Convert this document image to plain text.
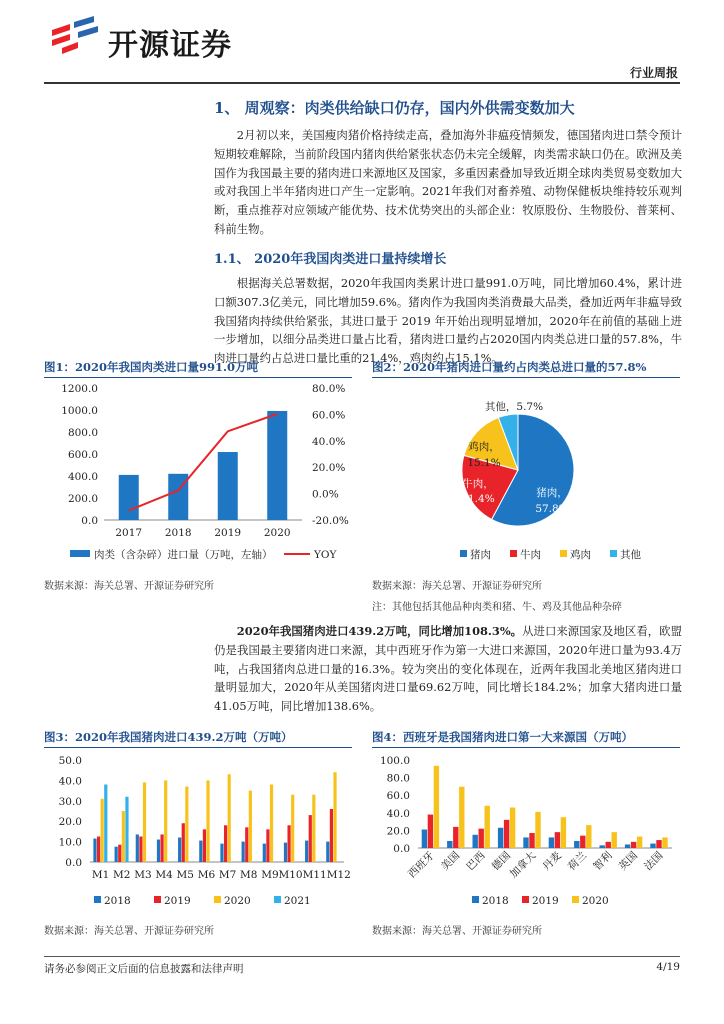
开源证券
行业周报
1、 周观察：肉类供给缺口仍存，国内外供需变数加大
2月初以来，美国瘦肉猪价格持续走高，叠加海外非瘟疫情频发，德国猪肉进口禁令预计短期较难解除，当前阶段国内猪肉供给紧张状态仍未完全缓解，肉类需求缺口仍在。欧洲及美国作为我国最主要的猪肉进口来源地区及国家，多重因素叠加导致近期全球肉类贸易变数加大或对我国上半年猪肉进口产生一定影响。2021年我们对畜养殖、动物保健板块维持较乐观判断，重点推荐对应领域产能优势、技术优势突出的头部企业：牧原股份、生物股份、普莱柯、科前生物。
1.1、 2020年我国肉类进口量持续增长
根据海关总署数据，2020年我国肉类累计进口量991.0万吨，同比增加60.4%，累计进口额307.3亿美元，同比增加59.6%。猪肉作为我国肉类消费最大品类，叠加近两年非瘟导致我国猪肉持续供给紧张，其进口量于 2019 年开始出现明显增加，2020年在前值的基础上进一步增加，以细分品类进口量占比看，猪肉进口量约占2020国内肉类总进口量的57.8%，牛肉进口量约占总进口量比重的21.4%，鸡肉约占15.1%。
图1：2020年我国肉类进口量991.0万吨	图2：2020年猪肉进口量约占肉类总进口量的57.8%
0.0
200.0
400.0
600.0
800.0
1000.0
1200.0
-20.0%
0.0%
20.0%
40.0%
60.0%
80.0%
2017 2018 2019 2020
肉类（含杂碎）进口量（万吨，左轴）	YOY
猪肉，
57.8%
牛肉，
21.4%
鸡肉，
15.1%
其他，5.7%
猪肉	牛肉	鸡肉	其他
数据来源：海关总署、开源证券研究所	数据来源：海关总署、开源证券研究所
注：其他包括其他品种肉类和猪、牛、鸡及其他品种杂碎
2020年我国猪肉进口439.2万吨，同比增加108.3%。从进口来源国家及地区看，欧盟仍是我国最主要猪肉进口来源，其中西班牙作为第一大进口来源国，2020年进口量为93.4万吨，占我国猪肉总进口量的16.3%。较为突出的变化体现在，近两年我国北美地区猪肉进口量明显加大，2020年从美国猪肉进口量69.62万吨，同比增长184.2%；加拿大猪肉进口量41.05万吨，同比增加138.6%。
图3：2020年我国猪肉进口439.2万吨（万吨）	图4：西班牙是我国猪肉进口第一大来源国（万吨）
0.0
10.0
20.0
30.0
40.0
50.0
M1 M2 M3 M4 M5 M6 M7 M8 M9 M10M11M12
2018	2019	2020	2021
0.0
20.0
40.0
60.0
80.0
100.0
西班牙 美国 巴西 德国
加拿大 丹麦 荷兰 智利 英国 法国
2018 2019 2020
数据来源：海关总署、开源证券研究所	数据来源：海关总署、开源证券研究所
请务必参阅正文后面的信息披露和法律声明	4/19
